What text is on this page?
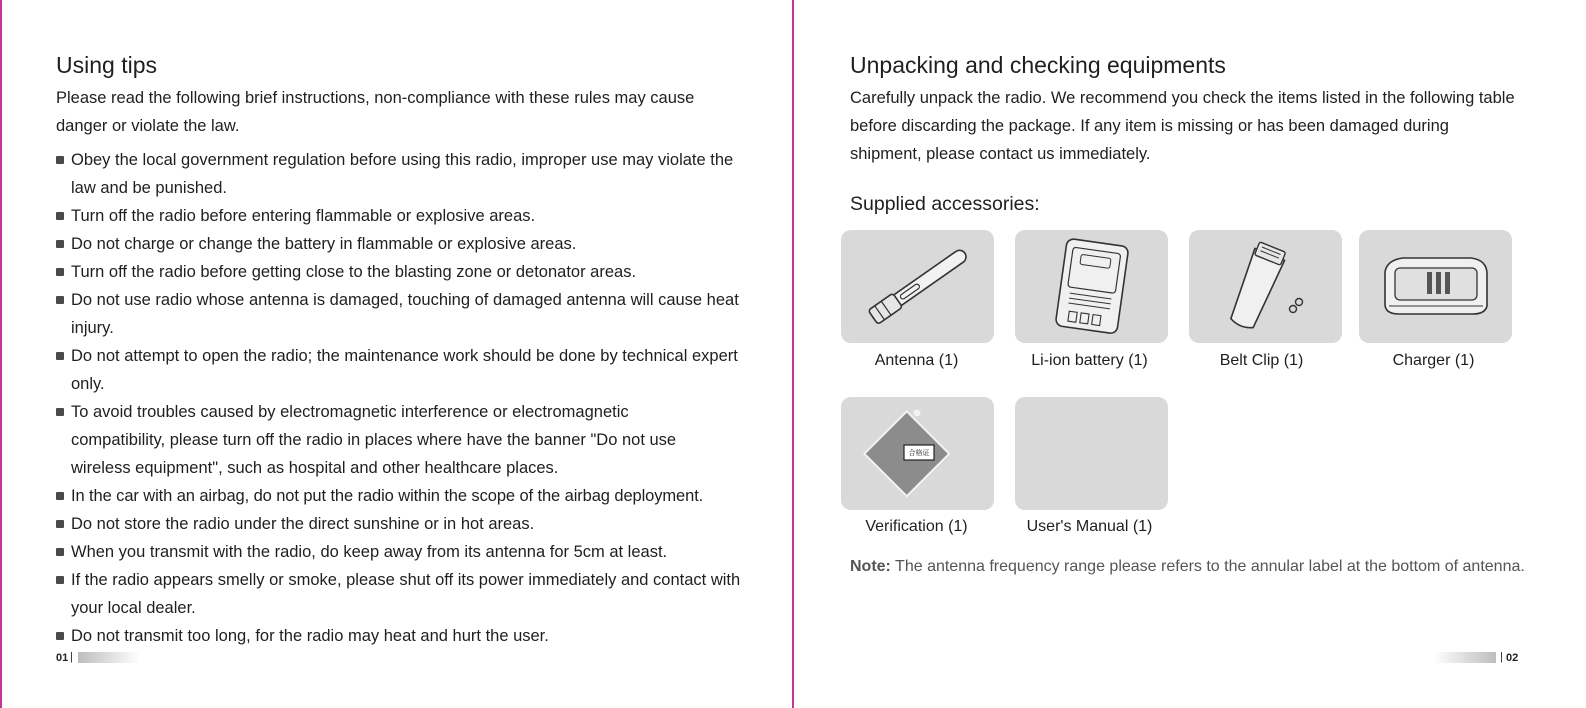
Using tips
Please read the following brief instructions, non-compliance with these rules may cause danger or violate the law.
Obey the local government regulation before using this radio, improper use may violate the law and be punished.
Turn off the radio before entering flammable or explosive areas.
Do not charge or change the battery in flammable or explosive areas.
Turn off the radio before getting close to the blasting zone or detonator areas.
Do not use radio whose antenna is damaged, touching of damaged antenna will cause heat injury.
Do not attempt to open the radio; the maintenance work should be done by technical expert only.
To avoid troubles caused by electromagnetic interference or electromagnetic compatibility, please turn off the radio in places where have the banner "Do not use wireless equipment", such as hospital and other healthcare places.
In the car with an airbag, do not put the radio within the scope of the airbag deployment.
Do not store the radio under the direct sunshine or in hot areas.
When you transmit with the radio, do keep away from its antenna for 5cm at least.
If the radio appears smelly or smoke, please shut off its power immediately and contact with your local dealer.
Do not transmit too long, for the radio may heat and hurt the user.
01 |
Unpacking and checking equipments
Carefully unpack the radio. We recommend you check the items listed in the following table before discarding the package. If any item is missing or has been damaged during shipment, please contact us immediately.
Supplied accessories:
Antenna (1)	Li-ion battery (1)	Belt Clip (1)	Charger (1)
合格证
Verification (1)	User's Manual (1)
Note: The antenna frequency range please refers to the annular label at the bottom of antenna.
| 02
